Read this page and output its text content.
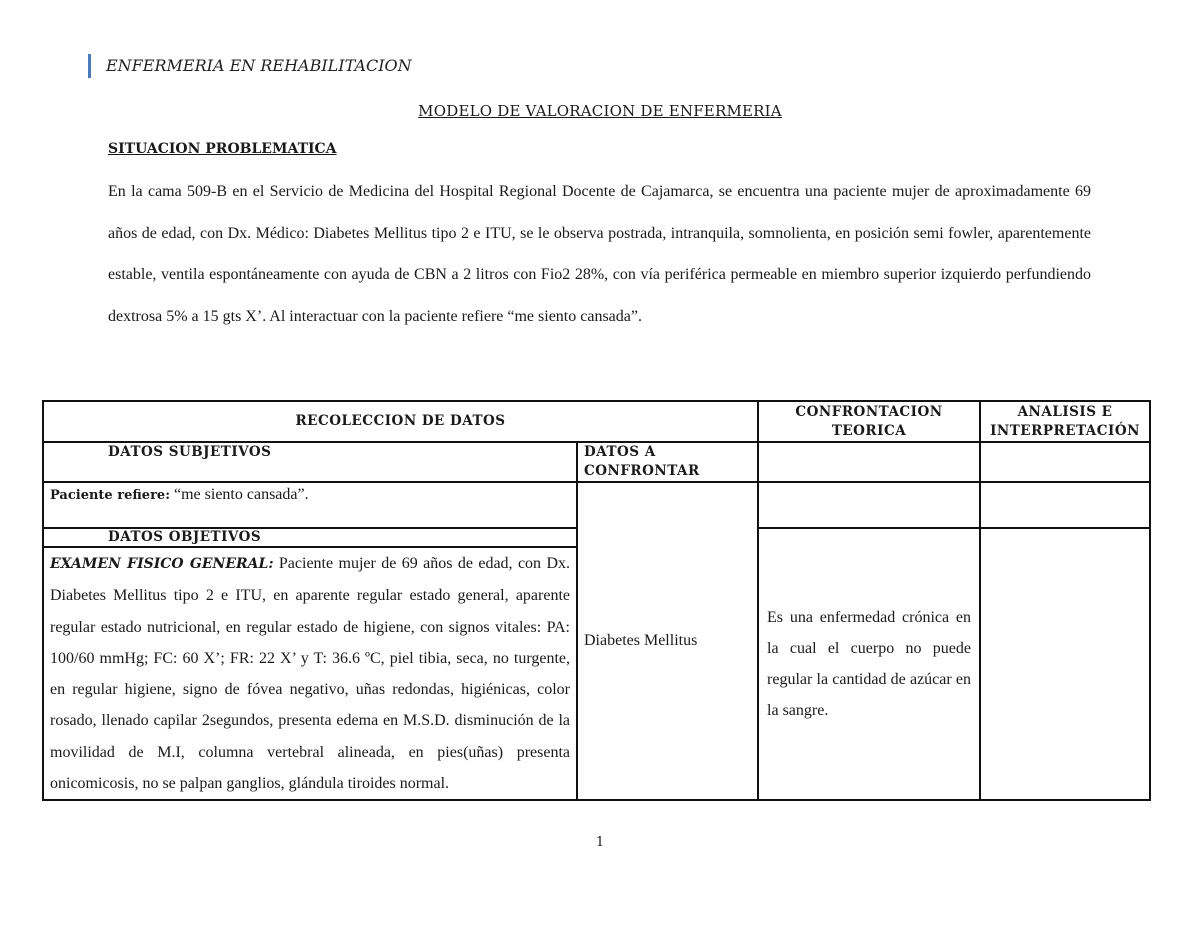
ENFERMERIA EN REHABILITACION
MODELO DE VALORACION DE ENFERMERIA
SITUACION PROBLEMATICA

En la cama 509-B en el Servicio de Medicina del Hospital Regional Docente de Cajamarca, se encuentra una paciente mujer de aproximadamente 69 años de edad, con Dx. Médico: Diabetes Mellitus tipo 2 e ITU, se le observa postrada, intranquila, somnolienta, en posición semi fowler, aparentemente estable, ventila espontáneamente con ayuda de CBN a 2 litros con Fio2 28%, con vía periférica permeable en miembro superior izquierdo perfundiendo dextrosa 5% a 15 gts X’. Al interactuar con la paciente refiere “me siento cansada”.

RECOLECCION DE DATOS		CONFRONTACION TEORICA	ANALISIS E INTERPRETACIÓN
DATOS SUBJETIVOS	DATOS A CONFRONTAR		
Paciente refiere: “me siento cansada”.	Diabetes Mellitus		
DATOS OBJETIVOS		Es una enfermedad crónica en la cual el cuerpo no puede regular la cantidad de azúcar en la sangre.	

EXAMEN FISICO GENERAL: Paciente mujer de 69 años de edad, con Dx. Diabetes Mellitus tipo 2 e ITU, en aparente regular estado general, aparente regular estado nutricional, en regular estado de higiene, con signos vitales: PA: 100/60 mmHg; FC: 60 X’; FR: 22 X’ y T: 36.6 ºC, piel tibia, seca, no turgente, en regular higiene, signo de fóvea negativo, uñas redondas, higiénicas, color rosado, llenado capilar 2segundos, presenta edema en M.S.D. disminución de la movilidad de M.I, columna vertebral alineada, en pies(uñas) presenta onicomicosis, no se palpan ganglios, glándula tiroides normal.			
1
